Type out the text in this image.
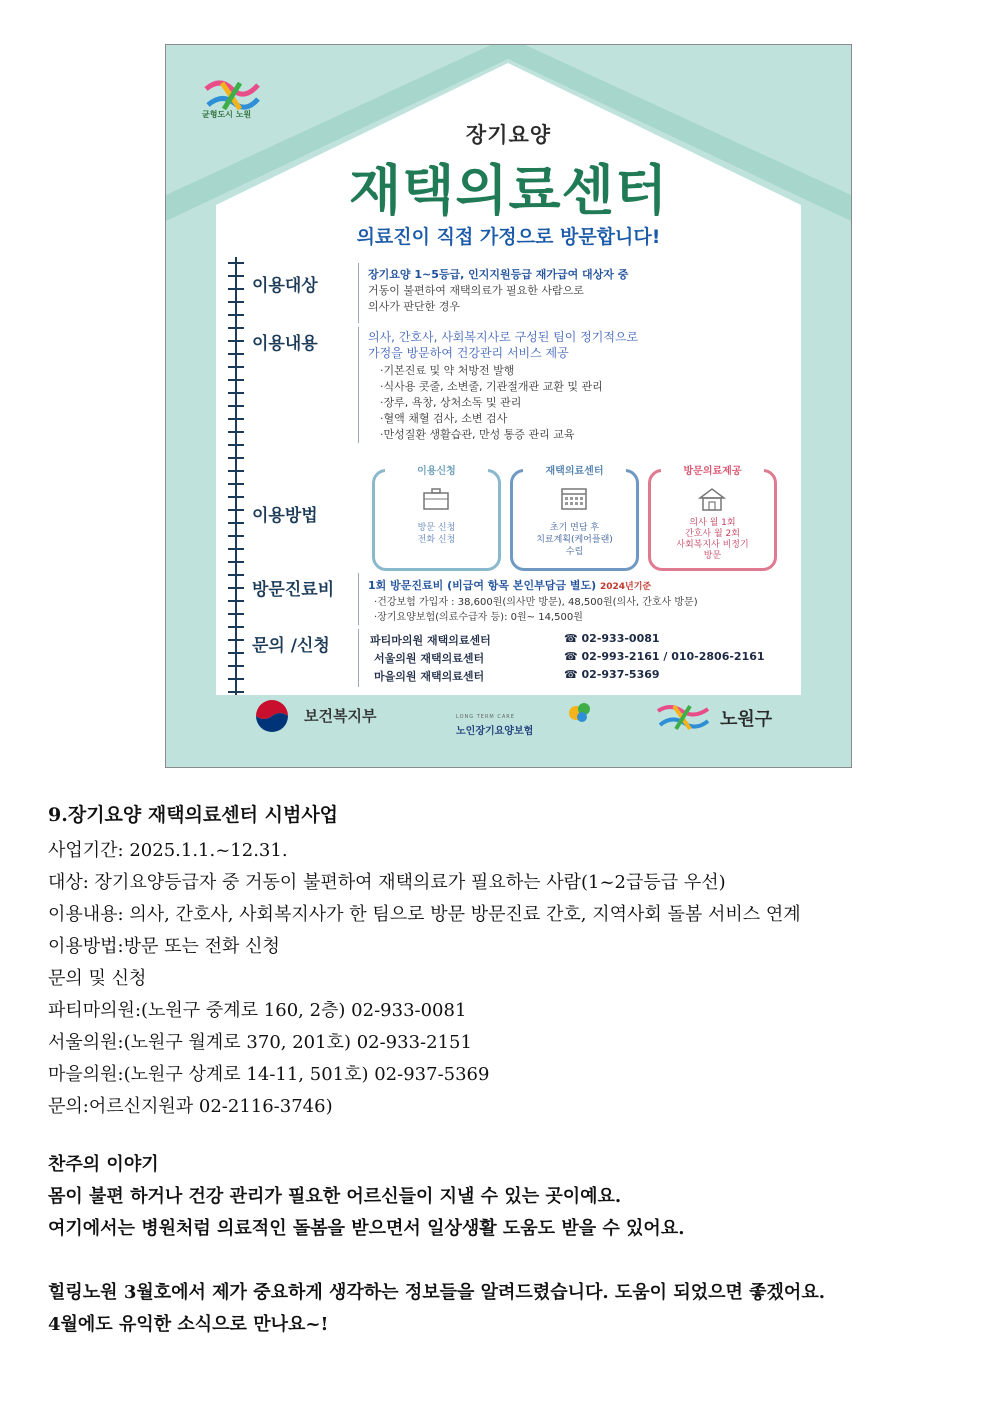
균형도시 노원
장기요양
재택의료센터
의료진이 직접 가정으로 방문합니다!
이용대상
이용내용
이용방법
방문진료비
문의 /신청
장기요양 1~5등급, 인지지원등급 재가급여 대상자 중
거동이 불편하여 재택의료가 필요한 사람으로
의사가 판단한 경우
의사, 간호사, 사회복지사로 구성된 팀이 정기적으로
가정을 방문하여 건강관리 서비스 제공
·기본진료 및 약 처방전 발행
·식사용 콧줄, 소변줄, 기관절개관 교환 및 관리
·장루, 욕창, 상처소독 및 관리
·혈액 채혈 검사, 소변 검사
·만성질환 생활습관, 만성 통증 관리 교육
이용신청
방문 신청
전화 신청
재택의료센터
초기 면담 후
치료계획(케어플랜)
수립
방문의료제공
의사 월 1회
간호사 월 2회
사회복지사 비정기
방문
1회 방문진료비 (비급여 항목 본인부담금 별도) 2024년기준
·건강보험 가입자 : 38,600원(의사만 방문), 48,500원(의사, 간호사 방문)
·장기요양보험(의료수급자 등): 0원~ 14,500원
파티마의원 재택의료센터
서울의원 재택의료센터
마을의원 재택의료센터
☎ 02-933-0081
☎ 02-993-2161 / 010-2806-2161
☎ 02-937-5369
보건복지부	LONG TERM CARE
노인장기요양보험
노원구
9.장기요양 재택의료센터 시범사업
사업기간: 2025.1.1.~12.31.
대상: 장기요양등급자 중 거동이 불편하여 재택의료가 필요하는 사람(1~2급등급 우선)
이용내용: 의사, 간호사, 사회복지사가 한 팀으로 방문 방문진료 간호, 지역사회 돌봄 서비스 연계
이용방법:방문 또는 전화 신청
문의 및 신청
파티마의원:(노원구 중계로 160, 2층) 02-933-0081
서울의원:(노원구 월계로 370, 201호) 02-933-2151
마을의원:(노원구 상계로 14-11, 501호) 02-937-5369
문의:어르신지원과 02-2116-3746)
찬주의 이야기
몸이 불편 하거나 건강 관리가 필요한 어르신들이 지낼 수 있는 곳이예요.
여기에서는 병원처럼 의료적인 돌봄을 받으면서 일상생활 도움도 받을 수 있어요.
힐링노원 3월호에서 제가 중요하게 생각하는 정보들을 알려드렸습니다. 도움이 되었으면 좋겠어요.
4월에도 유익한 소식으로 만나요~!
